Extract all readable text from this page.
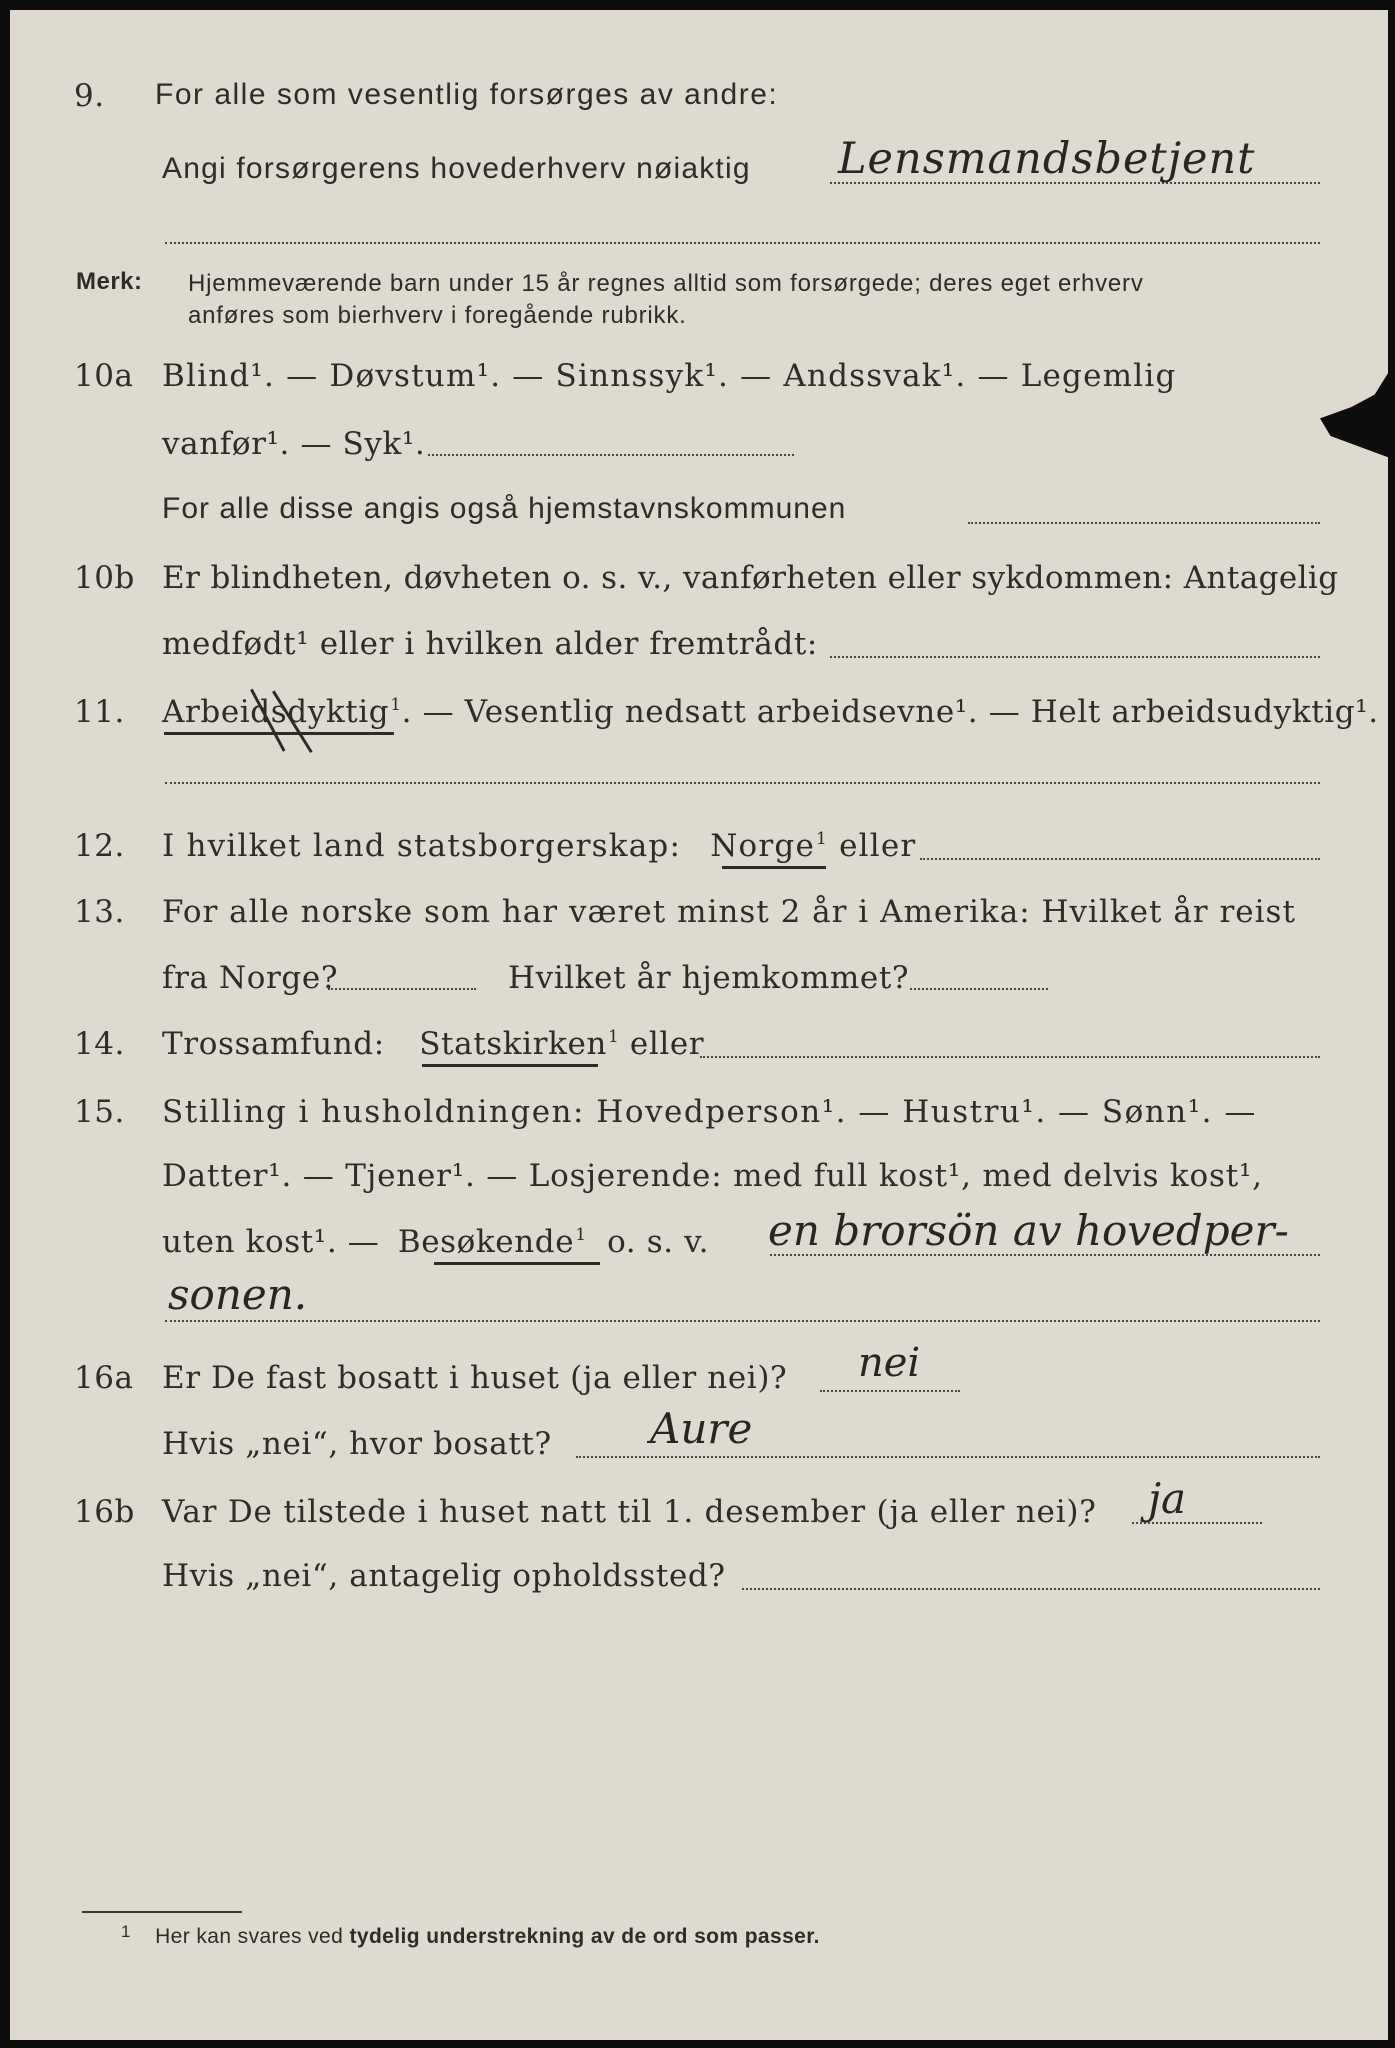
9. For alle som vesentlig forsørges av andre:
Angi forsørgerens hovederhverv nøiaktig Lensmandsbetjent
Merk: Hjemmeværende barn under 15 år regnes alltid som forsørgede; deres eget erhverv
anføres som bierhverv i foregående rubrikk.
10a Blind¹. — Døvstum¹. — Sinnssyk¹. — Andssvak¹. — Legemlig
vanfør¹. — Syk¹.
For alle disse angis også hjemstavnskommunen
10b Er blindheten, døvheten o. s. v., vanførheten eller sykdommen: Antagelig
medfødt¹ eller i hvilken alder fremtrådt:
11. Arbeidsdyktig$^1$. — Vesentlig nedsatt arbeidsevne¹. — Helt arbeidsudyktig¹.
12. I hvilket land statsborgerskap: Norge$^1$ eller
13. For alle norske som har været minst 2 år i Amerika: Hvilket år reist
fra Norge?	Hvilket år hjemkommet?
14. Trossamfund: Statskirken$^1$ eller
15. Stilling i husholdningen: Hovedperson¹. — Hustru¹. — Sønn¹. —
Datter¹. — Tjener¹. — Losjerende: med full kost¹, med delvis kost¹,
uten kost¹. — Besøkende$^1$ o. s. v. en brorsön av hovedper-
sonen.
16a Er De fast bosatt i huset (ja eller nei)? nei
Hvis „nei“, hvor bosatt? Aure
16b Var De tilstede i huset natt til 1. desember (ja eller nei)? ja
Hvis „nei“, antagelig opholdssted?
$^1$ Her kan svares ved tydelig understrekning av de ord som passer.
